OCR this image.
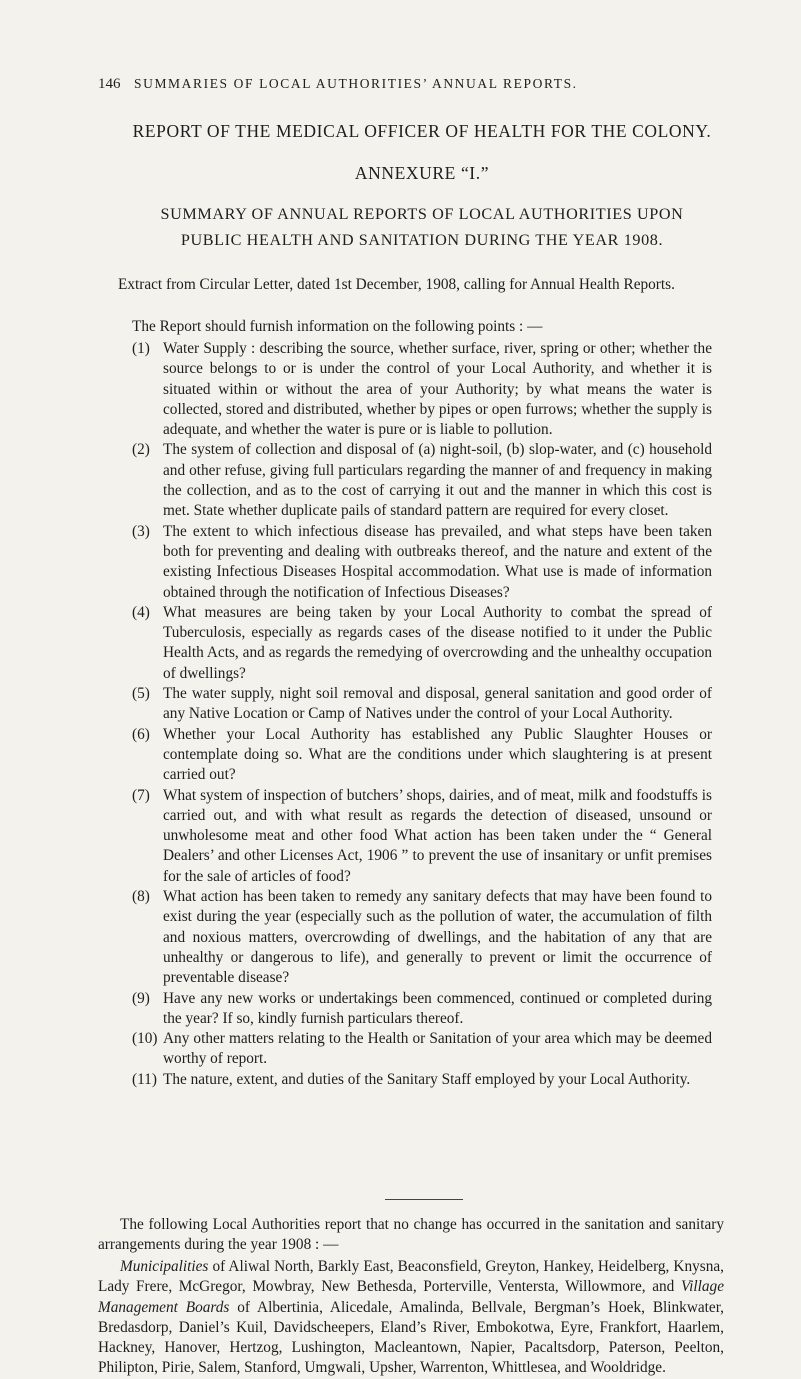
146 SUMMARIES OF LOCAL AUTHORITIES’ ANNUAL REPORTS.
REPORT OF THE MEDICAL OFFICER OF HEALTH FOR THE COLONY.
ANNEXURE “I.”
SUMMARY OF ANNUAL REPORTS OF LOCAL AUTHORITIES UPON
PUBLIC HEALTH AND SANITATION DURING THE YEAR 1908.
Extract from Circular Letter, dated 1st December, 1908, calling for Annual Health Reports.
The Report should furnish information on the following points : —
(1) Water Supply : describing the source, whether surface, river, spring or other; whether the source belongs to or is under the control of your Local Authority, and whether it is situated within or without the area of your Authority; by what means the water is collected, stored and distributed, whether by pipes or open furrows; whether the supply is adequate, and whether the water is pure or is liable to pollution.
(2) The system of collection and disposal of (a) night-soil, (b) slop-water, and (c) household and other refuse, giving full particulars regarding the manner of and frequency in making the collection, and as to the cost of carrying it out and the manner in which this cost is met. State whether duplicate pails of standard pattern are required for every closet.
(3) The extent to which infectious disease has prevailed, and what steps have been taken both for preventing and dealing with outbreaks thereof, and the nature and extent of the existing Infectious Diseases Hospital accommodation. What use is made of information obtained through the notification of Infectious Diseases?
(4) What measures are being taken by your Local Authority to combat the spread of Tuberculosis, especially as regards cases of the disease notified to it under the Public Health Acts, and as regards the remedying of overcrowding and the unhealthy occupation of dwellings?
(5) The water supply, night soil removal and disposal, general sanitation and good order of any Native Location or Camp of Natives under the control of your Local Authority.
(6) Whether your Local Authority has established any Public Slaughter Houses or contemplate doing so. What are the conditions under which slaughtering is at present carried out?
(7) What system of inspection of butchers’ shops, dairies, and of meat, milk and foodstuffs is carried out, and with what result as regards the detection of diseased, unsound or unwholesome meat and other food What action has been taken under the “ General Dealers’ and other Licenses Act, 1906 ” to prevent the use of insanitary or unfit premises for the sale of articles of food?
(8) What action has been taken to remedy any sanitary defects that may have been found to exist during the year (especially such as the pollution of water, the accumulation of filth and noxious matters, overcrowding of dwellings, and the habitation of any that are unhealthy or dangerous to life), and generally to prevent or limit the occurrence of preventable disease?
(9) Have any new works or undertakings been commenced, continued or completed during the year? If so, kindly furnish particulars thereof.
(10) Any other matters relating to the Health or Sanitation of your area which may be deemed worthy of report.
(11) The nature, extent, and duties of the Sanitary Staff employed by your Local Authority.
The following Local Authorities report that no change has occurred in the sanitation and sanitary arrangements during the year 1908 : —
Municipalities of Aliwal North, Barkly East, Beaconsfield, Greyton, Hankey, Heidelberg, Knysna, Lady Frere, McGregor, Mowbray, New Bethesda, Porterville, Ventersta, Willowmore, and Village Management Boards of Albertinia, Alicedale, Amalinda, Bellvale, Bergman’s Hoek, Blinkwater, Bredasdorp, Daniel’s Kuil, Davidscheepers, Eland’s River, Embokotwa, Eyre, Frankfort, Haarlem, Hackney, Hanover, Hertzog, Lushington, Macleantown, Napier, Pacaltsdorp, Paterson, Peelton, Philipton, Pirie, Salem, Stanford, Umgwali, Upsher, Warrenton, Whittlesea, and Wooldridge.
